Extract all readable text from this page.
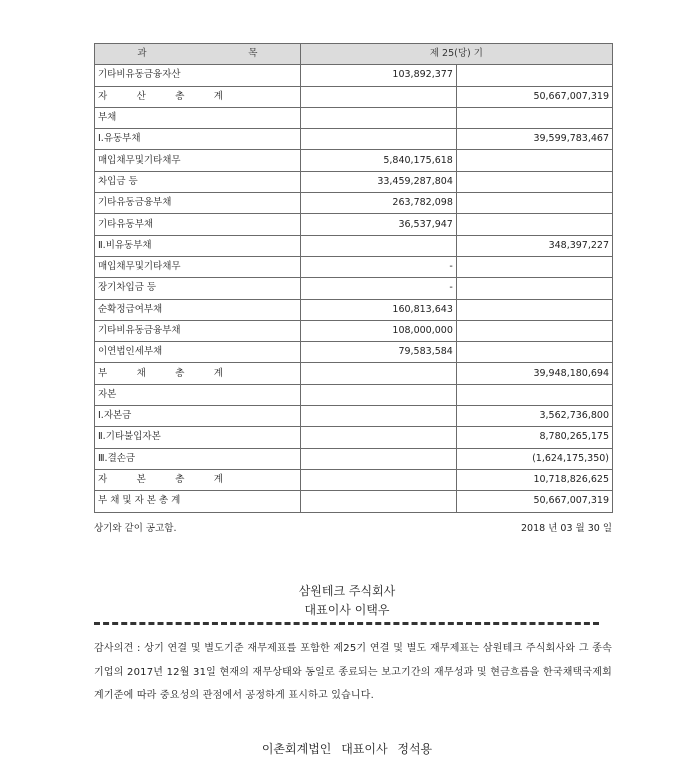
과 목	제 25(당) 기	
기타비유동금융자산	103,892,377	

자 산 총 계		50,667,007,319
부채		
Ⅰ.유동부채		39,599,783,467
매입채무및기타채무	5,840,175,618	
차입금 등	33,459,287,804	
기타유동금융부채	263,782,098	
기타유동부채	36,537,947	
Ⅱ.비유동부채		348,397,227
매입채무및기타채무	-	
장기차입금 등	-	
순확정급여부채	160,813,643	
기타비유동금융부채	108,000,000	
이연법인세부채	79,583,584	

부 채 총 계		39,948,180,694
자본		
Ⅰ.자본금		3,562,736,800
Ⅱ.기타불입자본		8,780,265,175
Ⅲ.결손금		(1,624,175,350)

자 본 총 계		10,718,826,625
부 채 및 자 본 총 계		50,667,007,319
상기와 같이 공고함.	2018 년 03 월 30 일
삼원테크 주식회사
대표이사 이택우
감사의견 : 상기 연결 및 별도기준 재무제표를 포함한 제25기 연결 및 별도 재무제표는 삼원테크 주식회사와 그 종속기업의 2017년 12월 31일 현재의 재무상태와 동일로 종료되는 보고기간의 재무성과 및 현금흐름을 한국채택국제회계기준에 따라 중요성의 관점에서 공정하게 표시하고 있습니다.
이촌회계법인 대표이사 정석용
